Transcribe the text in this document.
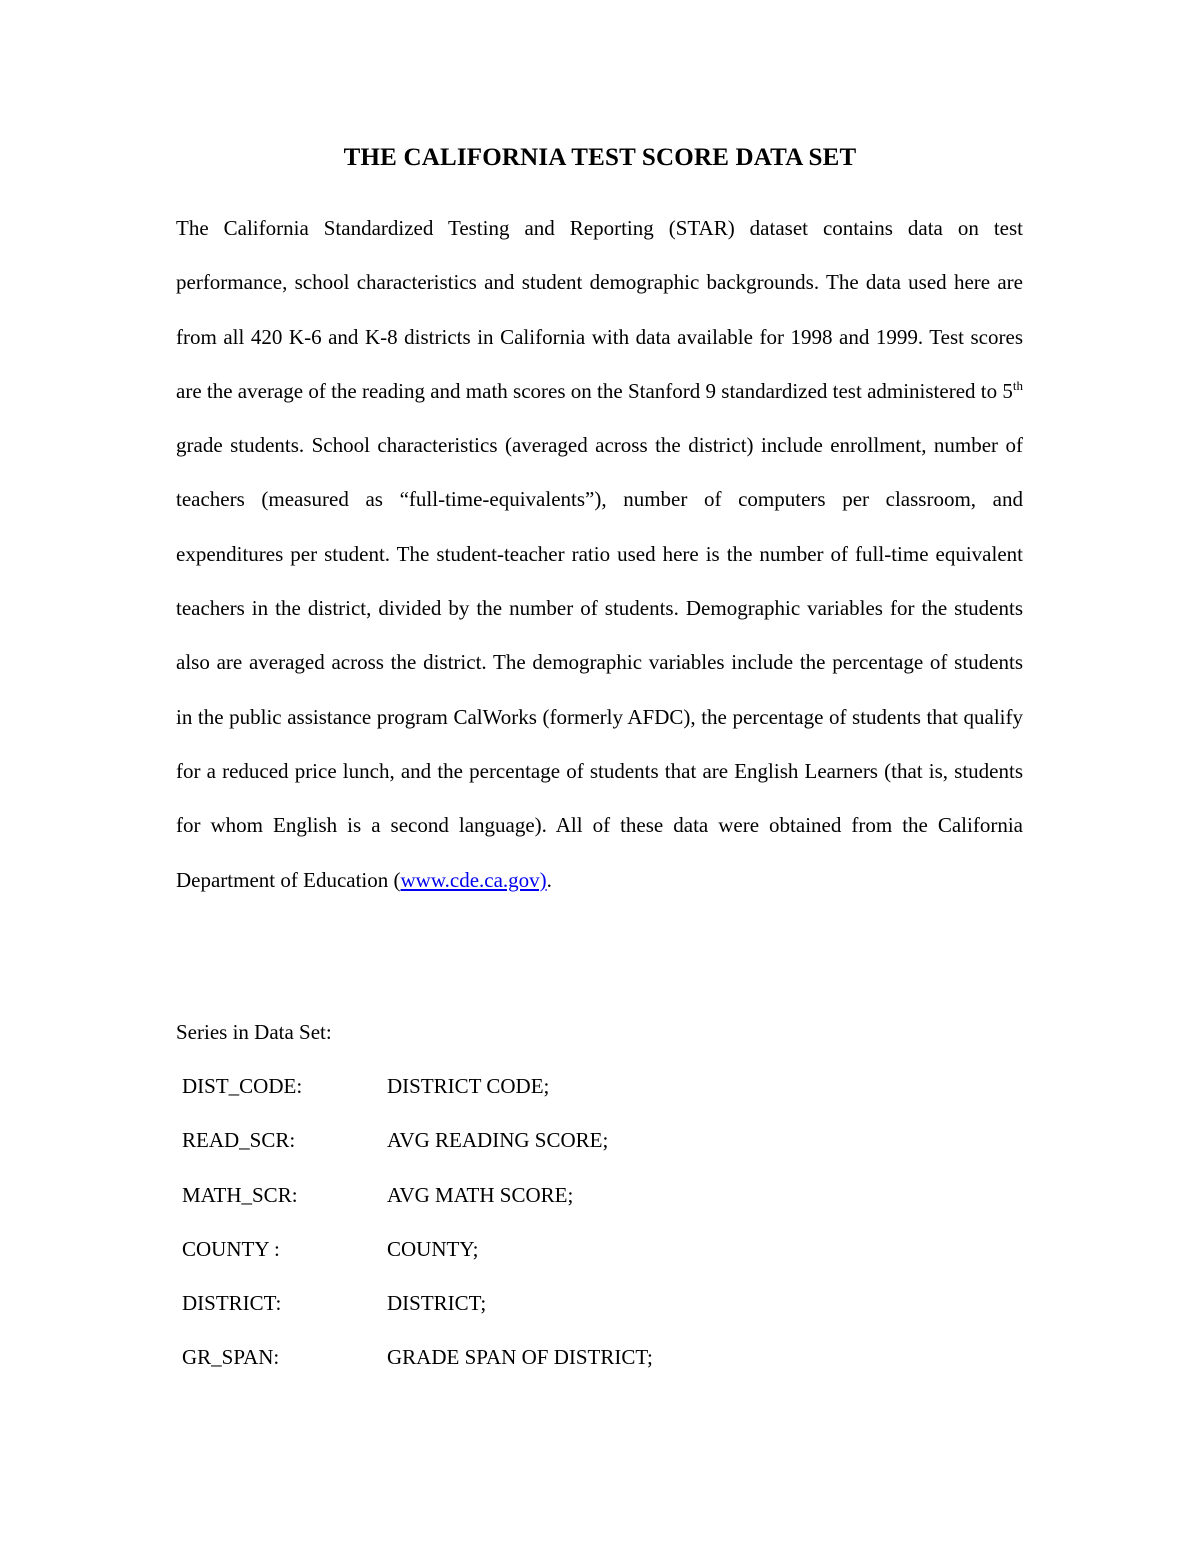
THE CALIFORNIA TEST SCORE DATA SET
The California Standardized Testing and Reporting (STAR) dataset contains data on test performance, school characteristics and student demographic backgrounds. The data used here are from all 420 K-6 and K-8 districts in California with data available for 1998 and 1999. Test scores are the average of the reading and math scores on the Stanford 9 standardized test administered to 5th grade students. School characteristics (averaged across the district) include enrollment, number of teachers (measured as “full-time-equivalents”), number of computers per classroom, and expenditures per student. The student-teacher ratio used here is the number of full-time equivalent teachers in the district, divided by the number of students. Demographic variables for the students also are averaged across the district. The demographic variables include the percentage of students in the public assistance program CalWorks (formerly AFDC), the percentage of students that qualify for a reduced price lunch, and the percentage of students that are English Learners (that is, students for whom English is a second language). All of these data were obtained from the California Department of Education (www.cde.ca.gov).
Series in Data Set:
DIST_CODE:	DISTRICT CODE;
READ_SCR:	AVG READING SCORE;
MATH_SCR:	AVG MATH SCORE;
COUNTY :	COUNTY;
DISTRICT:	DISTRICT;
GR_SPAN:	GRADE SPAN OF DISTRICT;
